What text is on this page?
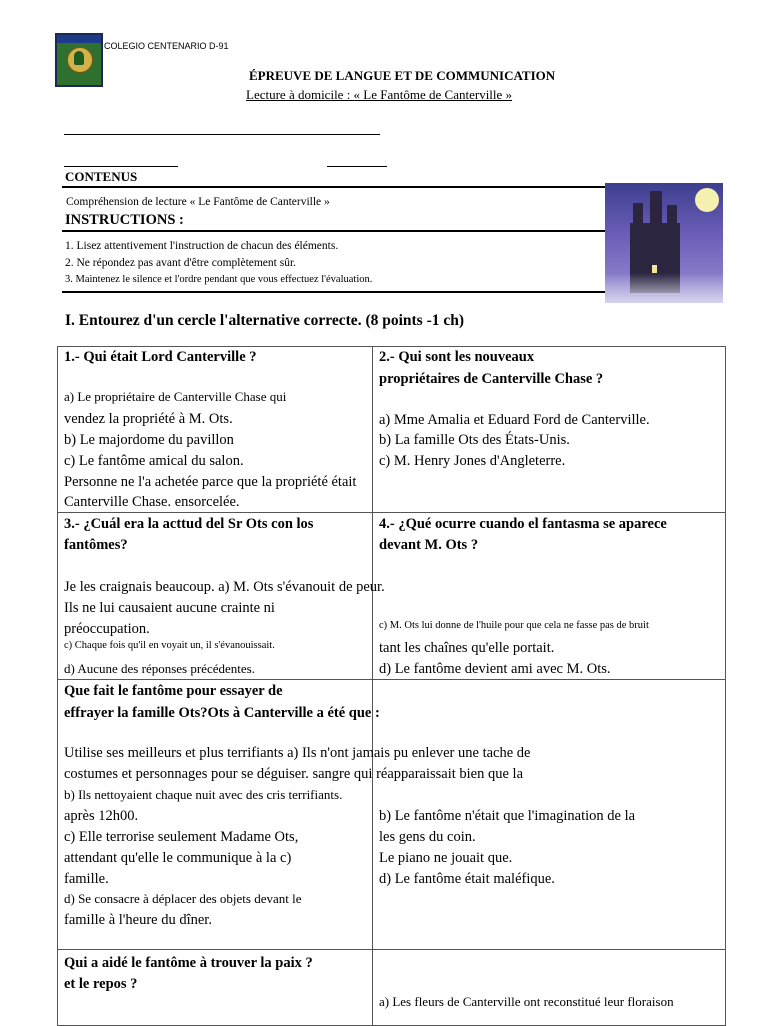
COLEGIO CENTENARIO D-91
ÉPREUVE DE LANGUE ET DE COMMUNICATION
Lecture à domicile : « Le Fantôme de Canterville »
CONTENUS
Compréhension de lecture « Le Fantôme de Canterville »
INSTRUCTIONS :
1. Lisez attentivement l'instruction de chacun des éléments.
2. Ne répondez pas avant d'être complètement sûr.
3. Maintenez le silence et l'ordre pendant que vous effectuez l'évaluation.
I. Entourez d'un cercle l'alternative correcte. (8 points -1 ch)
1.- Qui était Lord Canterville ?
a) Le propriétaire de Canterville Chase qui
vendez la propriété à M. Ots.
b) Le majordome du pavillon
c) Le fantôme amical du salon.
Personne ne l'a achetée parce que la propriété était
Canterville Chase. ensorcelée.
2.- Qui sont les nouveaux
propriétaires de Canterville Chase ?
a) Mme Amalia et Eduard Ford de Canterville.
b) La famille Ots des États-Unis.
c) M. Henry Jones d'Angleterre.
3.- ¿Cuál era la acttud del Sr Ots con los
fantômes?
Je les craignais beaucoup. a) M. Ots s'évanouit de peur.
Ils ne lui causaient aucune crainte ni
préoccupation.
c) Chaque fois qu'il en voyait un, il s'évanouissait.
d) Aucune des réponses précédentes.
4.- ¿Qué ocurre cuando el fantasma se aparece
devant M. Ots ?
c) M. Ots lui donne de l'huile pour que cela ne fasse pas de bruit
tant les chaînes qu'elle portait.
d) Le fantôme devient ami avec M. Ots.
Que fait le fantôme pour essayer de
effrayer la famille Ots?Ots à Canterville a été que :
Utilise ses meilleurs et plus terrifiants a) Ils n'ont jamais pu enlever une tache de
costumes et personnages pour se déguiser. sangre qui réapparaissait bien que la
b) Ils nettoyaient chaque nuit avec des cris terrifiants.
après 12h00.
c) Elle terrorise seulement Madame Ots,
attendant qu'elle le communique à la c)
famille.
d) Se consacre à déplacer des objets devant le
famille à l'heure du dîner.
b) Le fantôme n'était que l'imagination de la
les gens du coin.
Le piano ne jouait que.
d) Le fantôme était maléfique.
Qui a aidé le fantôme à trouver la paix ?
et le repos ?
a) Les fleurs de Canterville ont reconstitué leur floraison
